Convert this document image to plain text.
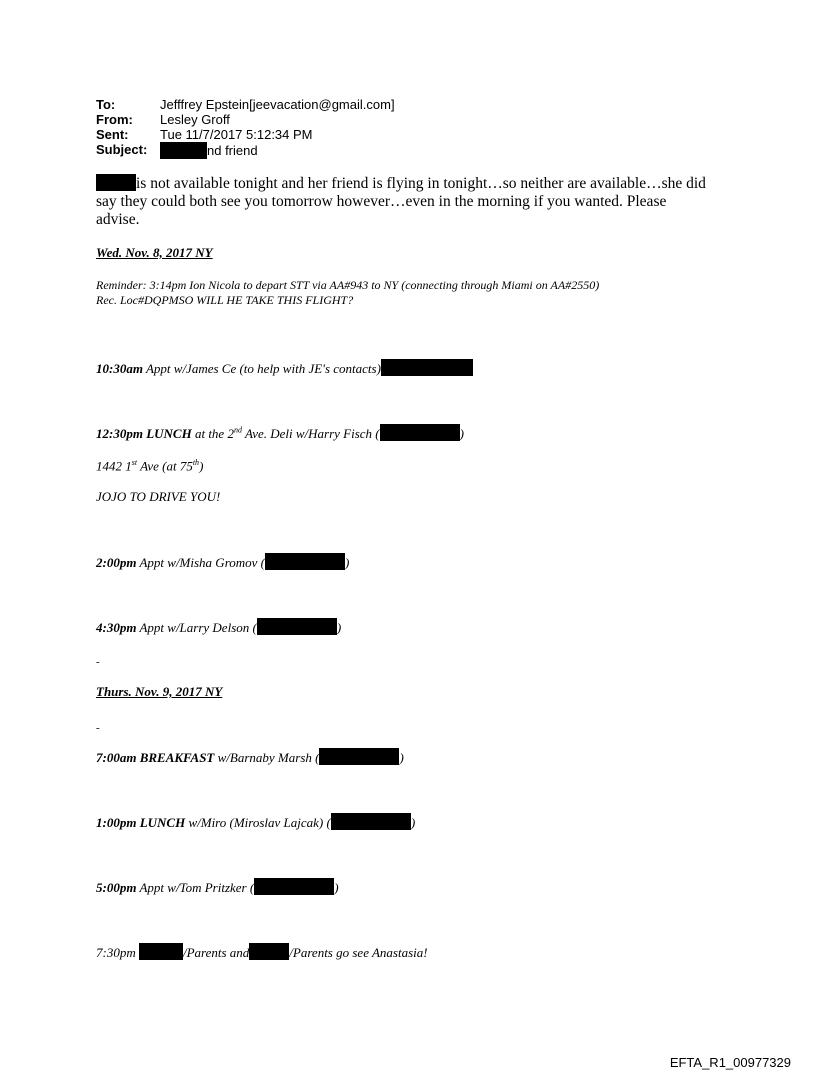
To:	Jefffrey Epstein[jeevacation@gmail.com]
From: Lesley Groff
Sent: Tue 11/7/2017 5:12:34 PM
Subject:	nd friend
is not available tonight and her friend is flying in tonight…so neither are available…she did
say they could both see you tomorrow however…even in the morning if you wanted. Please
advise.
Wed. Nov. 8, 2017 NY
Reminder: 3:14pm Ion Nicola to depart STT via AA#943 to NY (connecting through Miami on AA#2550)
Rec. Loc#DQPMSO WILL HE TAKE THIS FLIGHT?
10:30am Appt w/James Ce (to help with JE's contacts)
12:30pm LUNCH at the 2nd Ave. Deli w/Harry Fisch (	)
1442 1st Ave (at 75th)
JOJO TO DRIVE YOU!
2:00pm Appt w/Misha Gromov (	)
4:30pm Appt w/Larry Delson (	)
-
Thurs. Nov. 9, 2017 NY
-
7:00am BREAKFAST w/Barnaby Marsh (	)
1:00pm LUNCH w/Miro (Miroslav Lajcak) (	)
5:00pm Appt w/Tom Pritzker (	)
7:30pm	/Parents and	/Parents go see Anastasia!
EFTA_R1_00977329
